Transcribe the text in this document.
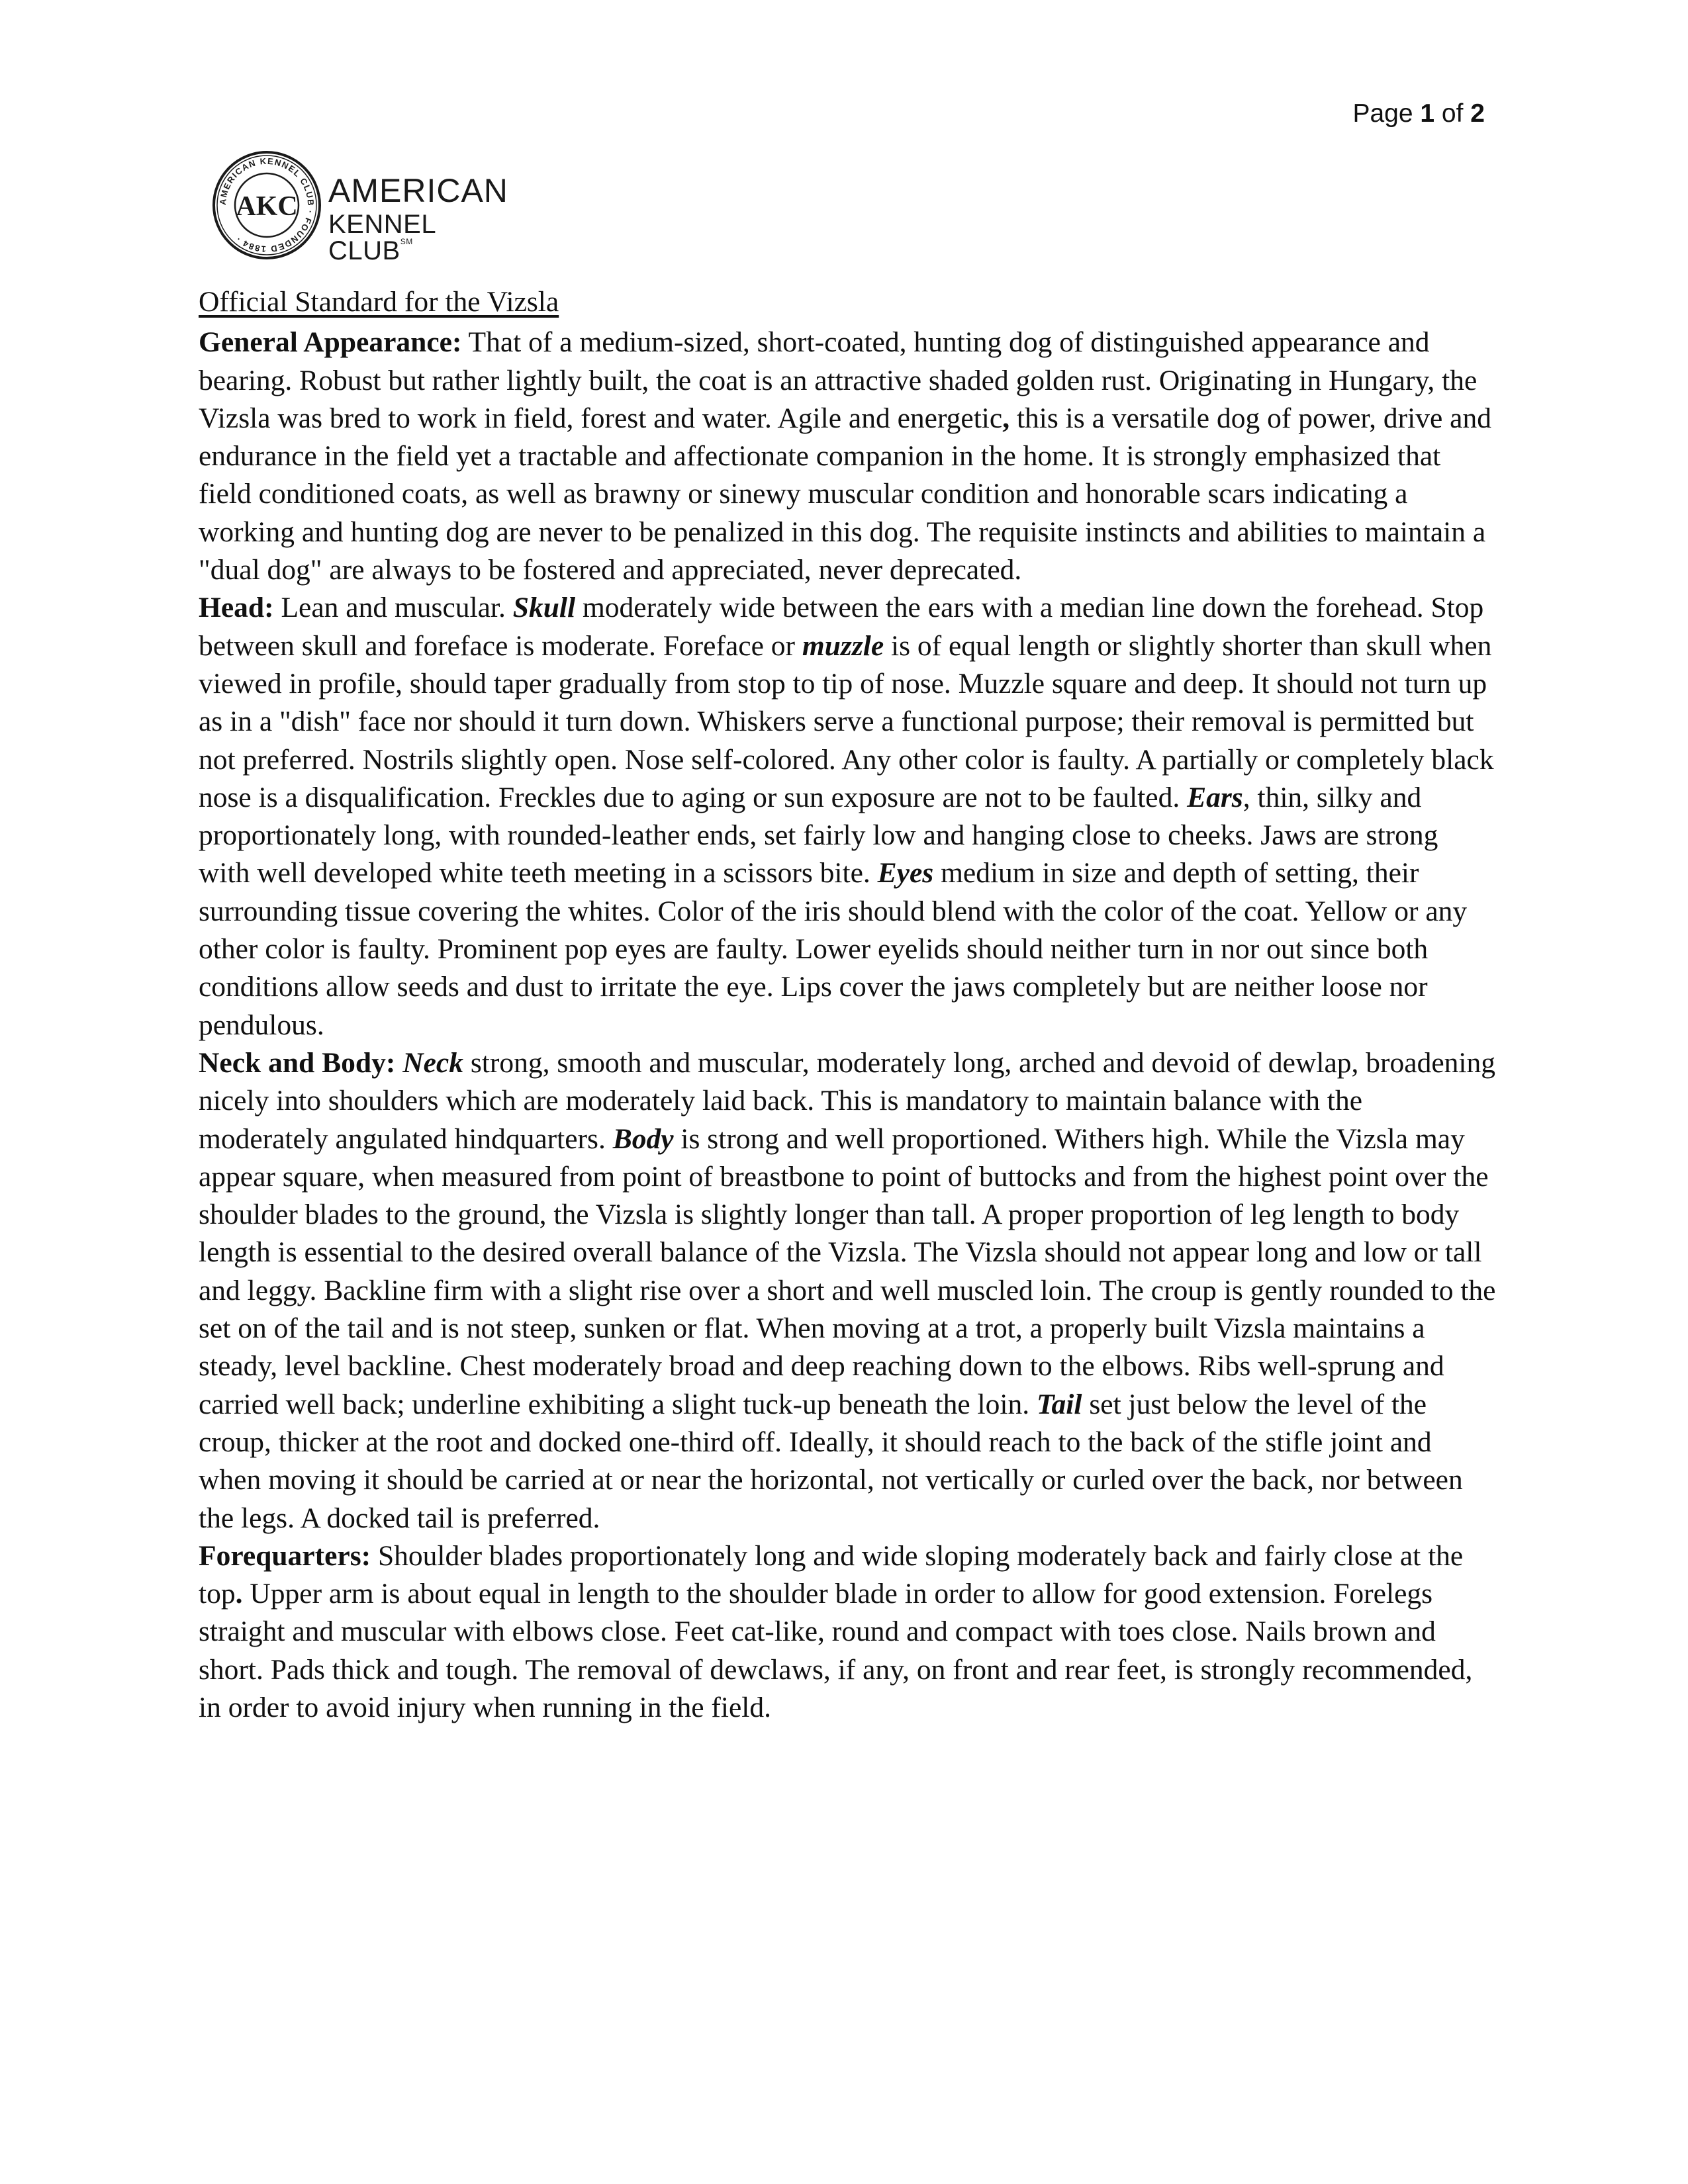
Page 1 of 2
AMERICAN KENNEL CLUB · FOUNDED 1884 ·
AKC AMERICAN
KENNEL CLUB℠
Official Standard for the Vizsla

General Appearance: That of a medium-sized, short-coated, hunting dog of distinguished appearance and bearing. Robust but rather lightly built, the coat is an attractive shaded golden rust. Originating in Hungary, the Vizsla was bred to work in field, forest and water. Agile and energetic, this is a versatile dog of power, drive and endurance in the field yet a tractable and affectionate companion in the home. It is strongly emphasized that field conditioned coats, as well as brawny or sinewy muscular condition and honorable scars indicating a working and hunting dog are never to be penalized in this dog. The requisite instincts and abilities to maintain a "dual dog" are always to be fostered and appreciated, never deprecated.

Head: Lean and muscular. Skull moderately wide between the ears with a median line down the forehead. Stop between skull and foreface is moderate. Foreface or muzzle is of equal length or slightly shorter than skull when viewed in profile, should taper gradually from stop to tip of nose. Muzzle square and deep. It should not turn up as in a "dish" face nor should it turn down. Whiskers serve a functional purpose; their removal is permitted but not preferred. Nostrils slightly open. Nose self-colored. Any other color is faulty. A partially or completely black nose is a disqualification. Freckles due to aging or sun exposure are not to be faulted. Ears, thin, silky and proportionately long, with rounded-leather ends, set fairly low and hanging close to cheeks. Jaws are strong with well developed white teeth meeting in a scissors bite. Eyes medium in size and depth of setting, their surrounding tissue covering the whites. Color of the iris should blend with the color of the coat. Yellow or any other color is faulty. Prominent pop eyes are faulty. Lower eyelids should neither turn in nor out since both conditions allow seeds and dust to irritate the eye. Lips cover the jaws completely but are neither loose nor pendulous.

Neck and Body: Neck strong, smooth and muscular, moderately long, arched and devoid of dewlap, broadening nicely into shoulders which are moderately laid back. This is mandatory to maintain balance with the moderately angulated hindquarters. Body is strong and well proportioned. Withers high. While the Vizsla may appear square, when measured from point of breastbone to point of buttocks and from the highest point over the shoulder blades to the ground, the Vizsla is slightly longer than tall. A proper proportion of leg length to body length is essential to the desired overall balance of the Vizsla. The Vizsla should not appear long and low or tall and leggy. Backline firm with a slight rise over a short and well muscled loin. The croup is gently rounded to the set on of the tail and is not steep, sunken or flat. When moving at a trot, a properly built Vizsla maintains a steady, level backline. Chest moderately broad and deep reaching down to the elbows. Ribs well-sprung and carried well back; underline exhibiting a slight tuck-up beneath the loin. Tail set just below the level of the croup, thicker at the root and docked one-third off. Ideally, it should reach to the back of the stifle joint and when moving it should be carried at or near the horizontal, not vertically or curled over the back, nor between the legs. A docked tail is preferred.

Forequarters: Shoulder blades proportionately long and wide sloping moderately back and fairly close at the top. Upper arm is about equal in length to the shoulder blade in order to allow for good extension. Forelegs straight and muscular with elbows close. Feet cat-like, round and compact with toes close. Nails brown and short. Pads thick and tough. The removal of dewclaws, if any, on front and rear feet, is strongly recommended, in order to avoid injury when running in the field.
